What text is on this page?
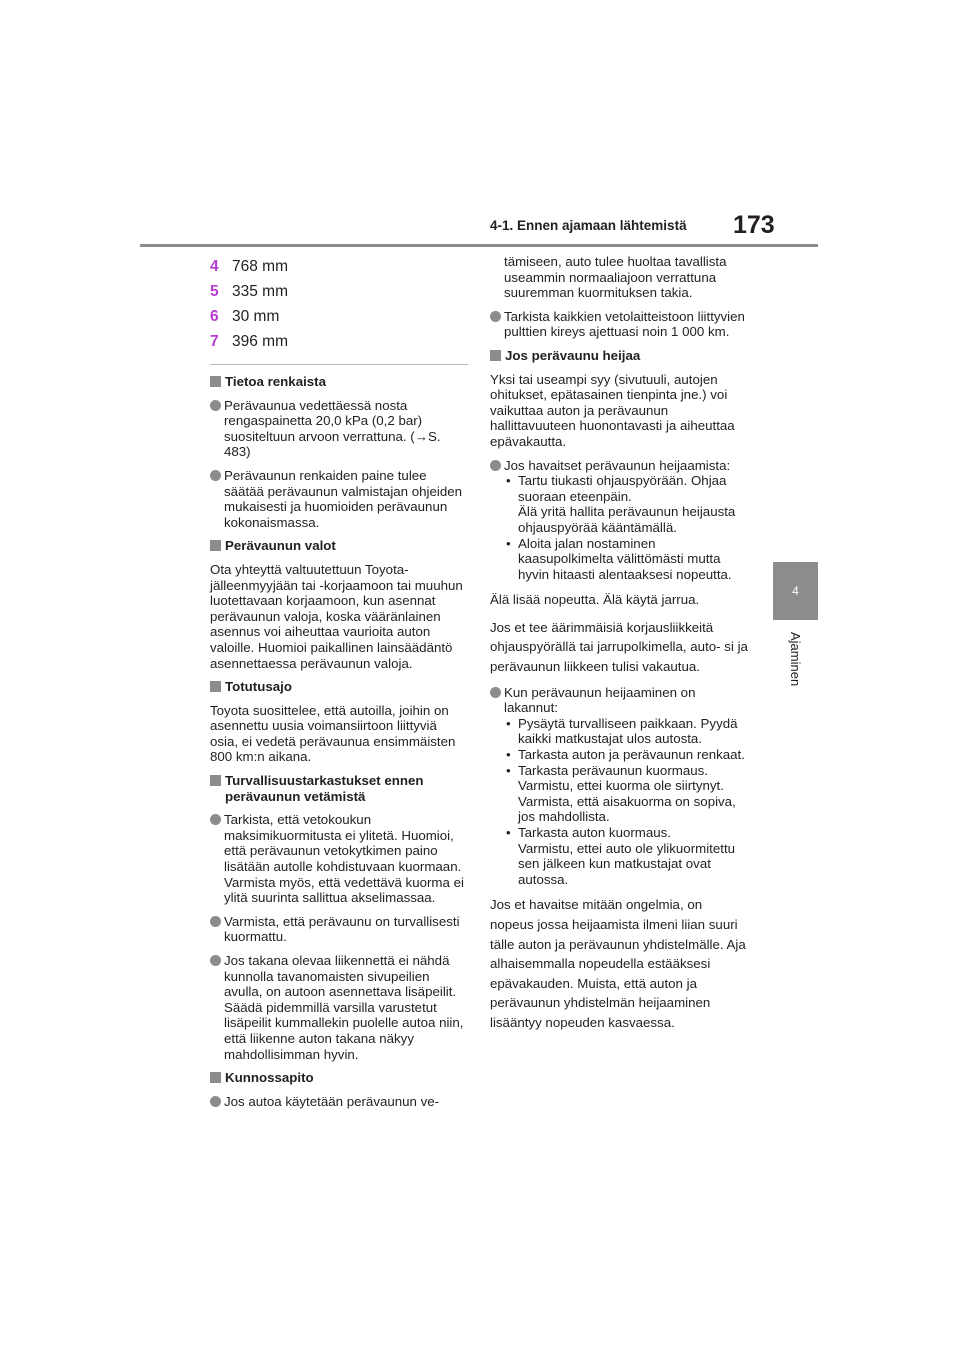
4-1. Ennen ajamaan lähtemistä 173
4
Ajaminen
4 768 mm
5 335 mm
6 30 mm
7 396 mm
Tietoa renkaista
Perävaunua vedettäessä nosta rengaspainetta 20,0 kPa (0,2 bar) suositeltuun arvoon verrattuna. (→S. 483)
Perävaunun renkaiden paine tulee säätää perävaunun valmistajan ohjeiden mukaisesti ja huomioiden perävaunun kokonaismassa.
Perävaunun valot

Ota yhteyttä valtuutettuun Toyota-jälleenmyyjään tai -korjaamoon tai muuhun luotettavaan korjaamoon, kun asennat perävaunun valoja, koska vääränlainen asennus voi aiheuttaa vaurioita auton valoille. Huomioi paikallinen lainsäädäntö asennettaessa perävaunun valoja.

Totutusajo

Toyota suosittelee, että autoilla, joihin on asennettu uusia voimansiirtoon liittyviä osia, ei vedetä perävaunua ensimmäisten 800 km:n aikana.

Turvallisuustarkastukset ennen perävaunun vetämistä
Tarkista, että vetokoukun maksimikuormitusta ei ylitetä. Huomioi, että perävaunun vetokytkimen paino lisätään autolle kohdistuvaan kuormaan. Varmista myös, että vedettävä kuorma ei ylitä suurinta sallittua akselimassaa.
Varmista, että perävaunu on turvallisesti kuormattu.
Jos takana olevaa liikennettä ei nähdä kunnolla tavanomaisten sivupeilien avulla, on autoon asennettava lisäpeilit. Säädä pidemmillä varsilla varustetut lisäpeilit kummallekin puolelle autoa niin, että liikenne auton takana näkyy mahdollisimman hyvin.
Kunnossapito
Jos autoa käytetään perävaunun ve-

tämiseen, auto tulee huoltaa tavallista useammin normaaliajoon verrattuna suuremman kuormituksen takia.

Tarkista kaikkien vetolaitteistoon liittyvien pulttien kireys ajettuasi noin 1 000 km.
Jos perävaunu heijaa

Yksi tai useampi syy (sivutuuli, autojen ohitukset, epätasainen tienpinta jne.) voi vaikuttaa auton ja perävaunun hallittavuuteen huonontavasti ja aiheuttaa epävakautta.

Jos havaitset perävaunun heijaamista:
• Tartu tiukasti ohjauspyörään. Ohjaa suoraan eteenpäin.
Älä yritä hallita perävaunun heijausta ohjauspyörää kääntämällä.
• Aloita jalan nostaminen kaasupolkimelta välittömästi mutta hyvin hitaasti alentaaksesi nopeutta.

Älä lisää nopeutta. Älä käytä jarrua.

Jos et tee äärimmäisiä korjausliikkeitä ohjauspyörällä tai jarrupolkimella, auto- si ja perävaunun liikkeen tulisi vakautua.

Kun perävaunun heijaaminen on lakannut:
• Pysäytä turvalliseen paikkaan. Pyydä kaikki matkustajat ulos autosta.
• Tarkasta auton ja perävaunun renkaat.
• Tarkasta perävaunun kuormaus.
Varmistu, ettei kuorma ole siirtynyt. Varmista, että aisakuorma on sopiva, jos mahdollista.
• Tarkasta auton kuormaus.
Varmistu, ettei auto ole ylikuormitettu sen jälkeen kun matkustajat ovat autossa.

Jos et havaitse mitään ongelmia, on nopeus jossa heijaamista ilmeni liian suuri tälle auton ja perävaunun yhdistelmälle. Aja alhaisemmalla nopeudella estääksesi epävakauden. Muista, että auton ja perävaunun yhdistelmän heijaaminen lisääntyy nopeuden kasvaessa.
